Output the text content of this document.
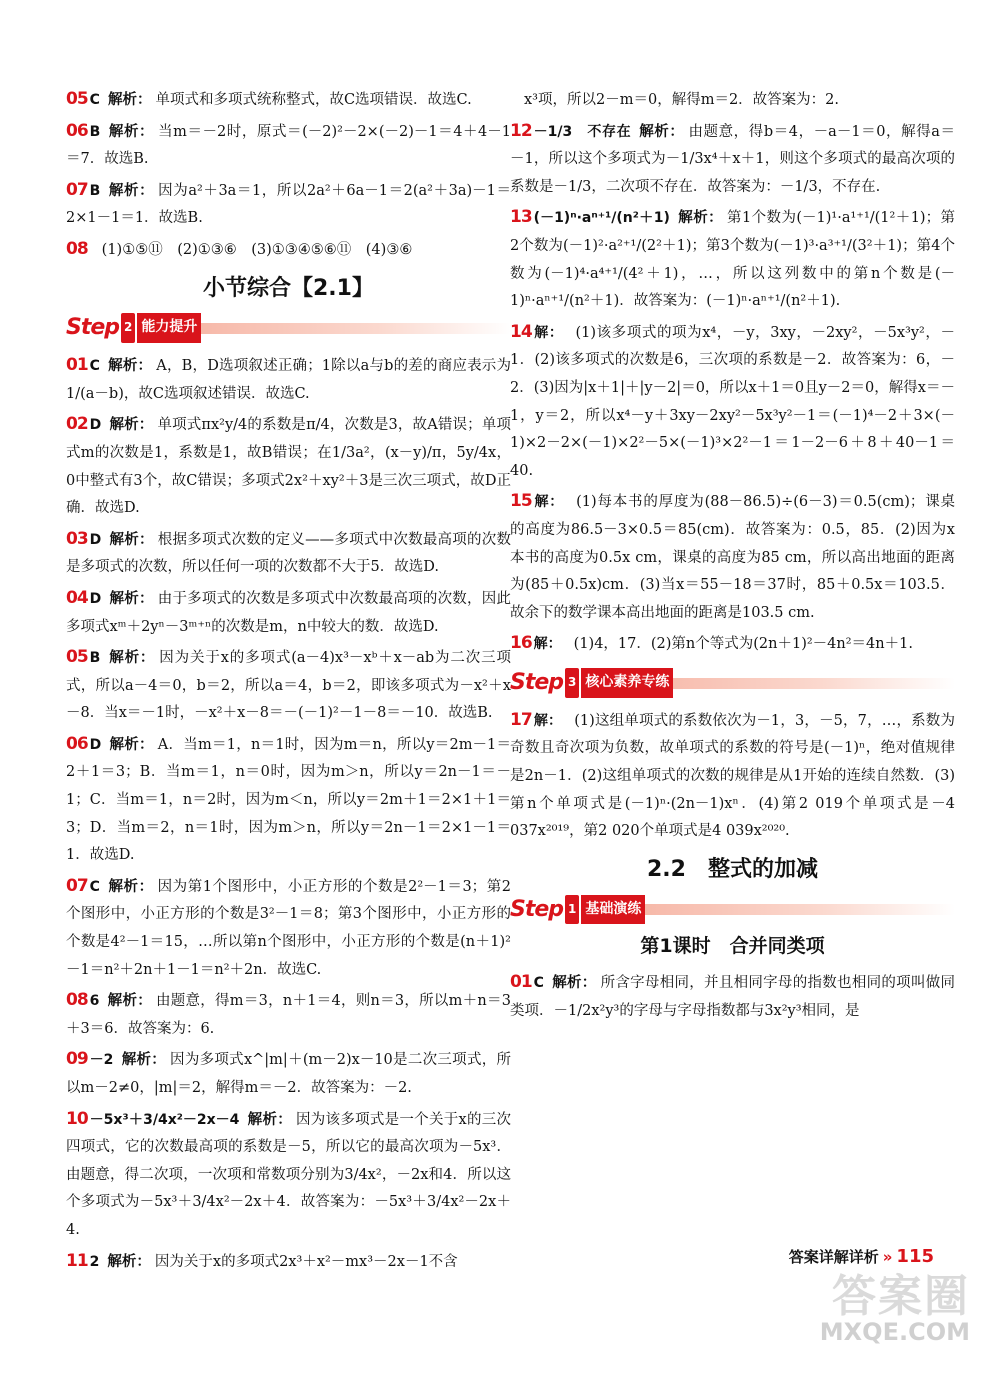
05 C 解析： 单项式和多项式统称整式，故C选项错误．故选C.

06 B 解析： 当m＝－2时，原式＝(－2)²－2×(－2)－1＝4＋4－1＝7．故选B.

07 B 解析： 因为a²＋3a＝1，所以2a²＋6a－1＝2(a²＋3a)－1＝2×1－1＝1．故选B.

08 (1)①⑤⑪　(2)①③⑥　(3)①③④⑤⑥⑪　(4)③⑥

小节综合【2.1】
Step 2 能力提升

01 C 解析： A，B，D选项叙述正确；1除以a与b的差的商应表示为1/(a－b)，故C选项叙述错误．故选C.

02 D 解析： 单项式πx²y/4的系数是π/4，次数是3，故A错误；单项式m的次数是1，系数是1，故B错误；在1/3a²，(x－y)/π，5y/4x，0中整式有3个，故C错误；多项式2x²＋xy²＋3是三次三项式，故D正确．故选D.

03 D 解析： 根据多项式次数的定义——多项式中次数最高项的次数是多项式的次数，所以任何一项的次数都不大于5．故选D.

04 D 解析： 由于多项式的次数是多项式中次数最高项的次数，因此多项式xᵐ＋2yⁿ－3ᵐ⁺ⁿ的次数是m，n中较大的数．故选D.

05 B 解析： 因为关于x的多项式(a－4)x³－xᵇ＋x－ab为二次三项式，所以a－4＝0，b＝2，所以a＝4，b＝2，即该多项式为－x²＋x－8．当x＝－1时，－x²＋x－8＝－(－1)²－1－8＝－10．故选B.

06 D 解析： A．当m＝1，n＝1时，因为m＝n，所以y＝2m－1＝2＋1＝3；B．当m＝1，n＝0时，因为m＞n，所以y＝2n－1＝－1；C．当m＝1，n＝2时，因为m＜n，所以y＝2m＋1＝2×1＋1＝3；D．当m＝2，n＝1时，因为m＞n，所以y＝2n－1＝2×1－1＝1．故选D.

07 C 解析： 因为第1个图形中，小正方形的个数是2²－1＝3；第2个图形中，小正方形的个数是3²－1＝8；第3个图形中，小正方形的个数是4²－1＝15，…所以第n个图形中，小正方形的个数是(n＋1)²－1＝n²＋2n＋1－1＝n²＋2n．故选C.

08 6 解析： 由题意，得m＝3，n＋1＝4，则n＝3，所以m＋n＝3＋3＝6．故答案为：6.

09 －2 解析： 因为多项式x^|m|＋(m－2)x－10是二次三项式，所以m－2≠0，|m|＝2，解得m＝－2．故答案为：－2.

10 －5x³＋3/4x²－2x－4 解析： 因为该多项式是一个关于x的三次四项式，它的次数最高项的系数是－5，所以它的最高次项为－5x³．由题意，得二次项，一次项和常数项分别为3/4x²，－2x和4．所以这个多项式为－5x³＋3/4x²－2x＋4．故答案为：－5x³＋3/4x²－2x＋4.

11 2 解析： 因为关于x的多项式2x³＋x²－mx³－2x－1不含

x³项，所以2－m＝0，解得m＝2．故答案为：2.

12 －1/3　不存在 解析： 由题意，得b＝4，－a－1＝0，解得a＝－1，所以这个多项式为－1/3x⁴＋x＋1，则这个多项式的最高次项的系数是－1/3，二次项不存在．故答案为：－1/3，不存在.

13 (－1)ⁿ·aⁿ⁺¹/(n²＋1) 解析： 第1个数为(－1)¹·a¹⁺¹/(1²＋1)；第2个数为(－1)²·a²⁺¹/(2²＋1)；第3个数为(－1)³·a³⁺¹/(3²＋1)；第4个数为(－1)⁴·a⁴⁺¹/(4²＋1)，…，所以这列数中的第n个数是(－1)ⁿ·aⁿ⁺¹/(n²＋1)．故答案为：(－1)ⁿ·aⁿ⁺¹/(n²＋1).

14 解： (1)该多项式的项为x⁴，－y，3xy，－2xy²，－5x³y²，－1．(2)该多项式的次数是6，三次项的系数是－2．故答案为：6，－2．(3)因为|x＋1|＋|y－2|＝0，所以x＋1＝0且y－2＝0，解得x＝－1，y＝2，所以x⁴－y＋3xy－2xy²－5x³y²－1＝(－1)⁴－2＋3×(－1)×2－2×(－1)×2²－5×(－1)³×2²－1＝1－2－6＋8＋40－1＝40.

15 解： (1)每本书的厚度为(88－86.5)÷(6－3)＝0.5(cm)；课桌的高度为86.5－3×0.5＝85(cm)．故答案为：0.5，85．(2)因为x本书的高度为0.5x cm，课桌的高度为85 cm，所以高出地面的距离为(85＋0.5x)cm．(3)当x＝55－18＝37时，85＋0.5x＝103.5．故余下的数学课本高出地面的距离是103.5 cm.

16 解： (1)4，17．(2)第n个等式为(2n＋1)²－4n²＝4n＋1.

Step 3 核心素养专练

17 解： (1)这组单项式的系数依次为－1，3，－5，7，…，系数为奇数且奇次项为负数，故单项式的系数的符号是(－1)ⁿ，绝对值规律是2n－1．(2)这组单项式的次数的规律是从1开始的连续自然数．(3)第n个单项式是(－1)ⁿ·(2n－1)xⁿ．(4)第2 019个单项式是－4 037x²⁰¹⁹，第2 020个单项式是4 039x²⁰²⁰.

2.2　整式的加减
Step 1 基础演练
第1课时　合并同类项

01 C 解析： 所含字母相同，并且相同字母的指数也相同的项叫做同类项．－1/2x²y³的字母与字母指数都与3x²y³相同，是

答案详解详析 » 115
答案圈
MXQE.COM
